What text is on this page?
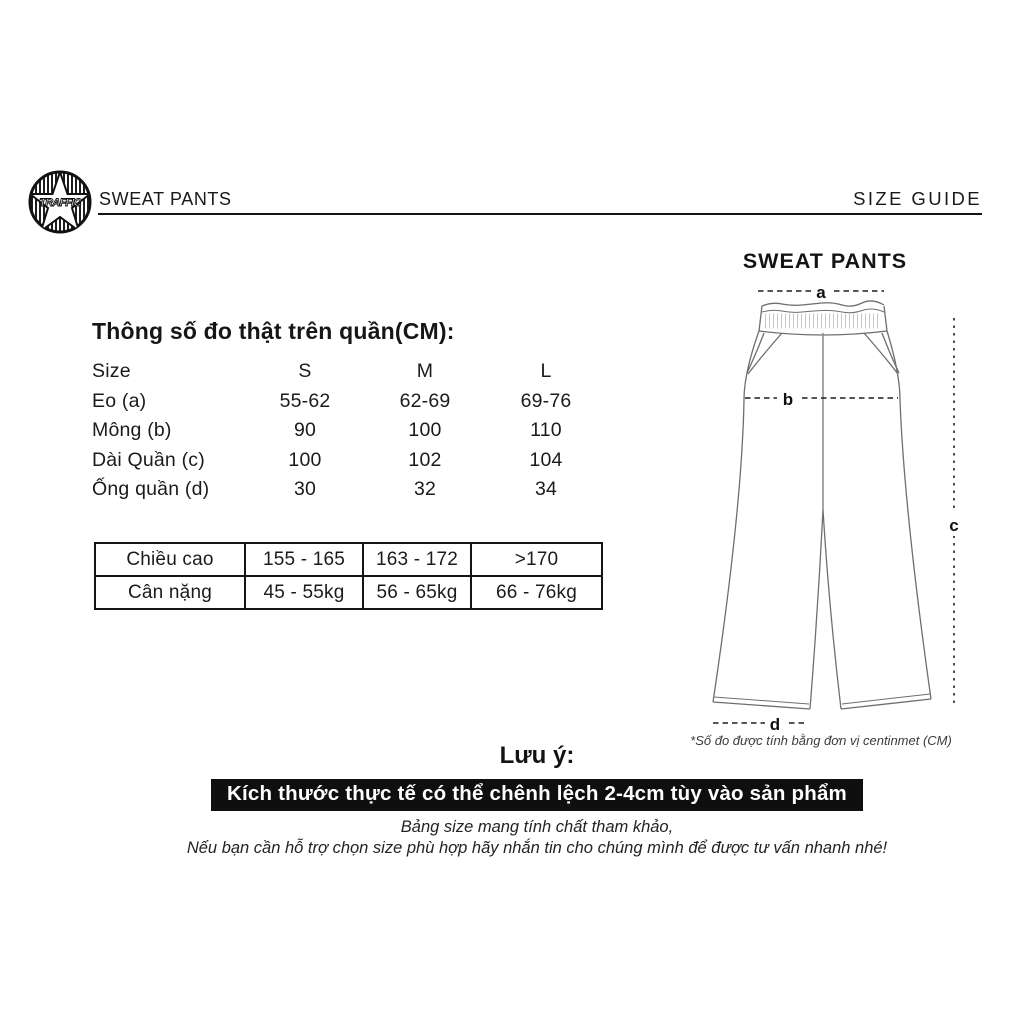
TRAFFIC SWEAT PANTS	SIZE GUIDE
Thông số đo thật trên quần(CM):
Size	S	M	L
Eo (a)	55-62	62-69	69-76
Mông (b)	90	100	110
Dài Quần (c)	100	102	104
Ống quần (d)	30	32	34
Chiều cao	155 - 165	163 - 172	>170
Cân nặng	45 - 55kg	56 - 65kg	66 - 76kg
SWEAT PANTS
a
c
b
d
*Số đo được tính bằng đơn vị centinmet (CM)
Lưu ý:
Kích thước thực tế có thể chênh lệch 2-4cm tùy vào sản phẩm
Bảng size mang tính chất tham khảo,
Nếu bạn cần hỗ trợ chọn size phù hợp hãy nhắn tin cho chúng mình để được tư vấn nhanh nhé!
